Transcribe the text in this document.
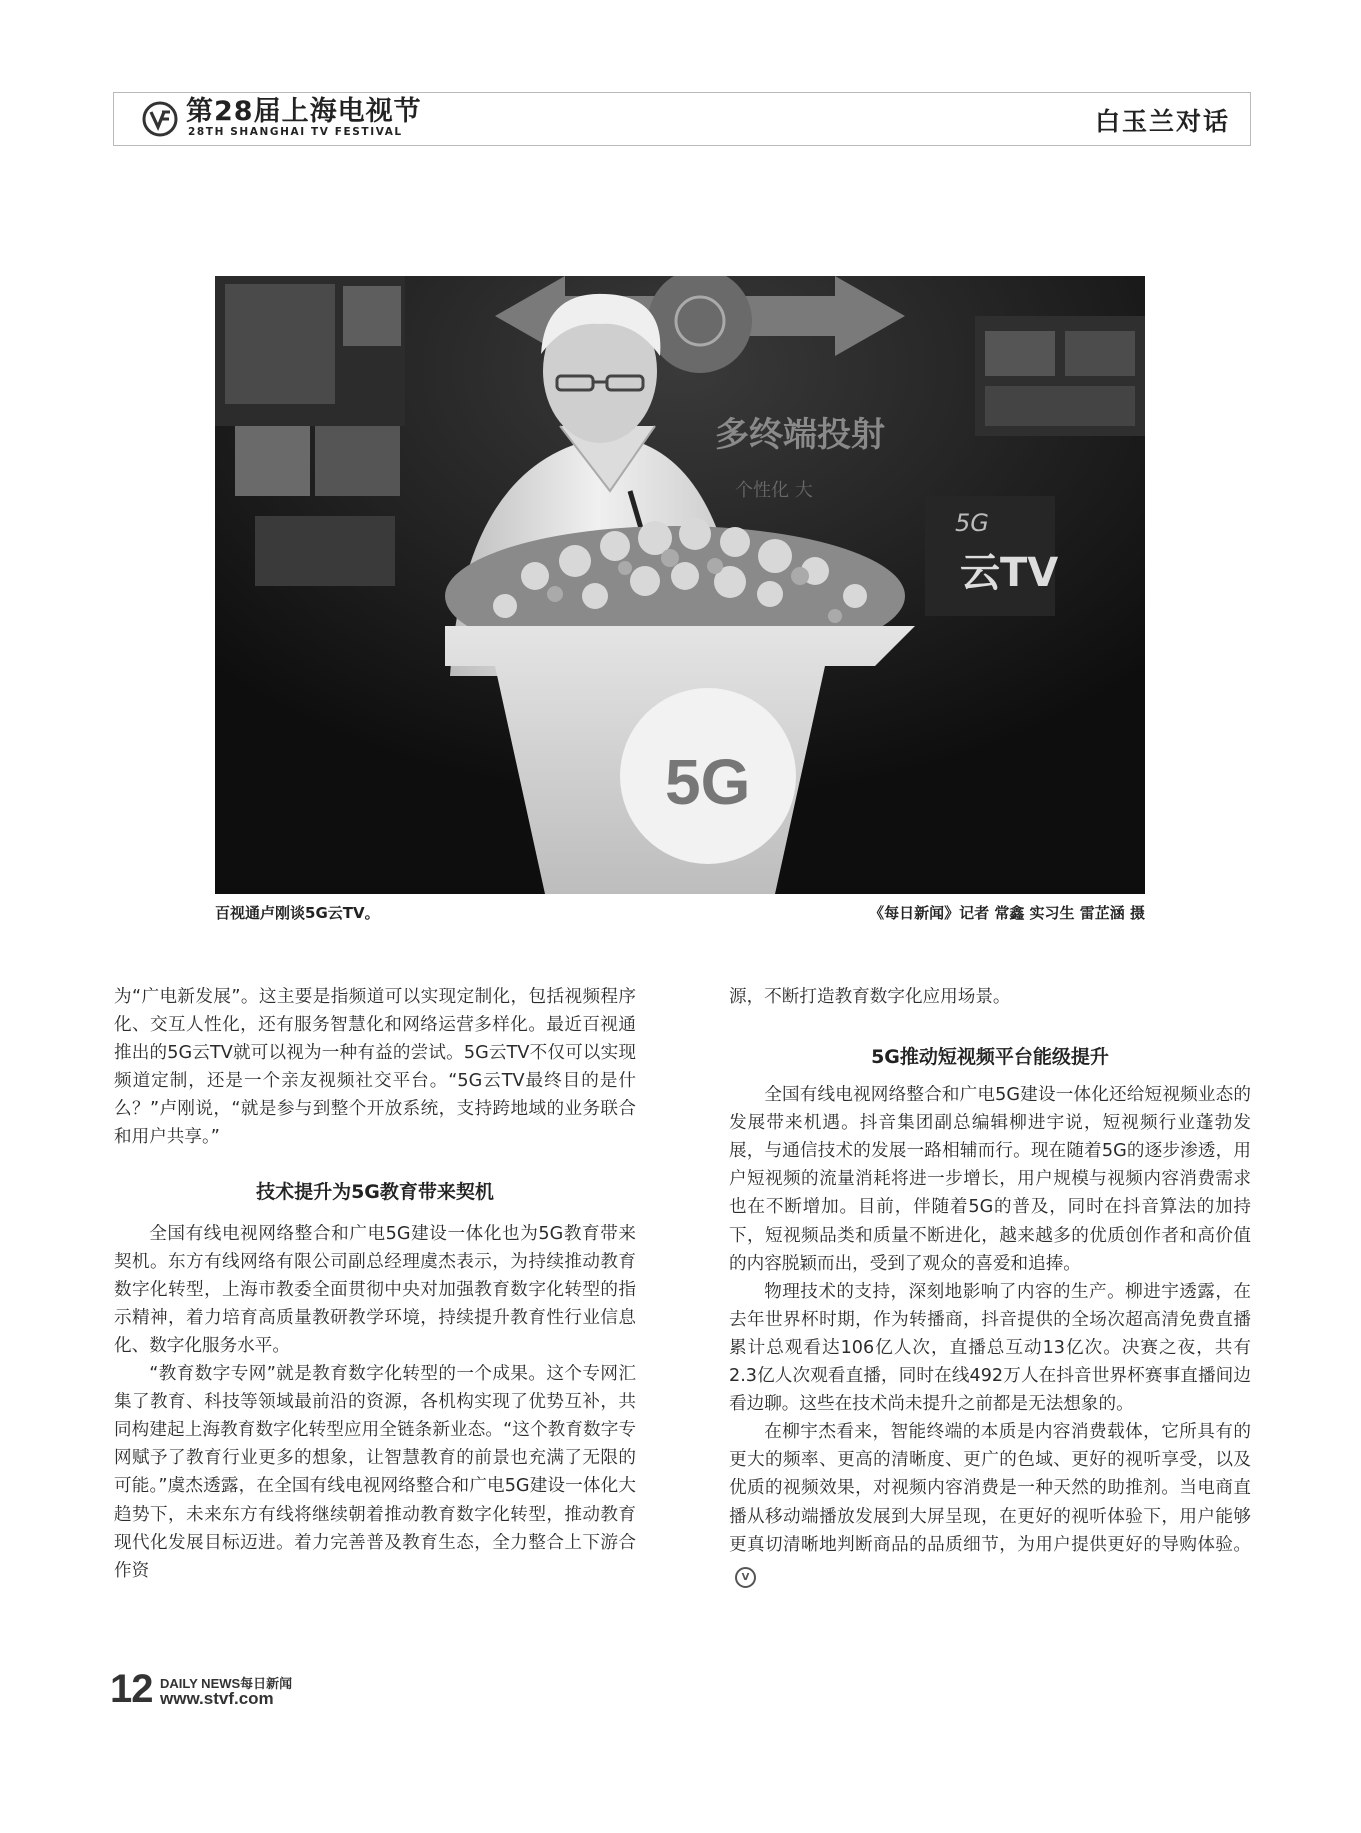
第28届上海电视节
28TH SHANGHAI TV FESTIVAL	白玉兰对话
多终端投射
个性化 大
5G
云TV
5G
百视通卢刚谈5G云TV。	《每日新闻》记者 常鑫 实习生 雷芷涵 摄

为“广电新发展”。这主要是指频道可以实现定制化，包括视频程序化、交互人性化，还有服务智慧化和网络运营多样化。最近百视通推出的5G云TV就可以视为一种有益的尝试。5G云TV不仅可以实现频道定制，还是一个亲友视频社交平台。“5G云TV最终目的是什么？”卢刚说，“就是参与到整个开放系统，支持跨地域的业务联合和用户共享。”

技术提升为5G教育带来契机

全国有线电视网络整合和广电5G建设一体化也为5G教育带来契机。东方有线网络有限公司副总经理虞杰表示，为持续推动教育数字化转型，上海市教委全面贯彻中央对加强教育数字化转型的指示精神，着力培育高质量教研教学环境，持续提升教育性行业信息化、数字化服务水平。

“教育数字专网”就是教育数字化转型的一个成果。这个专网汇集了教育、科技等领域最前沿的资源，各机构实现了优势互补，共同构建起上海教育数字化转型应用全链条新业态。“这个教育数字专网赋予了教育行业更多的想象，让智慧教育的前景也充满了无限的可能。”虞杰透露，在全国有线电视网络整合和广电5G建设一体化大趋势下，未来东方有线将继续朝着推动教育数字化转型，推动教育现代化发展目标迈进。着力完善普及教育生态，全力整合上下游合作资

源，不断打造教育数字化应用场景。

5G推动短视频平台能级提升

全国有线电视网络整合和广电5G建设一体化还给短视频业态的发展带来机遇。抖音集团副总编辑柳进宇说，短视频行业蓬勃发展，与通信技术的发展一路相辅而行。现在随着5G的逐步渗透，用户短视频的流量消耗将进一步增长，用户规模与视频内容消费需求也在不断增加。目前，伴随着5G的普及，同时在抖音算法的加持下，短视频品类和质量不断进化，越来越多的优质创作者和高价值的内容脱颖而出，受到了观众的喜爱和追捧。

物理技术的支持，深刻地影响了内容的生产。柳进宇透露，在去年世界杯时期，作为转播商，抖音提供的全场次超高清免费直播累计总观看达106亿人次，直播总互动13亿次。决赛之夜，共有2.3亿人次观看直播，同时在线492万人在抖音世界杯赛事直播间边看边聊。这些在技术尚未提升之前都是无法想象的。

在柳宇杰看来，智能终端的本质是内容消费载体，它所具有的更大的频率、更高的清晰度、更广的色域、更好的视听享受，以及优质的视频效果，对视频内容消费是一种天然的助推剂。当电商直播从移动端播放发展到大屏呈现，在更好的视听体验下，用户能够更真切清晰地判断商品的品质细节，为用户提供更好的导购体验。V

12 DAILY NEWS每日新闻
www.stvf.com
